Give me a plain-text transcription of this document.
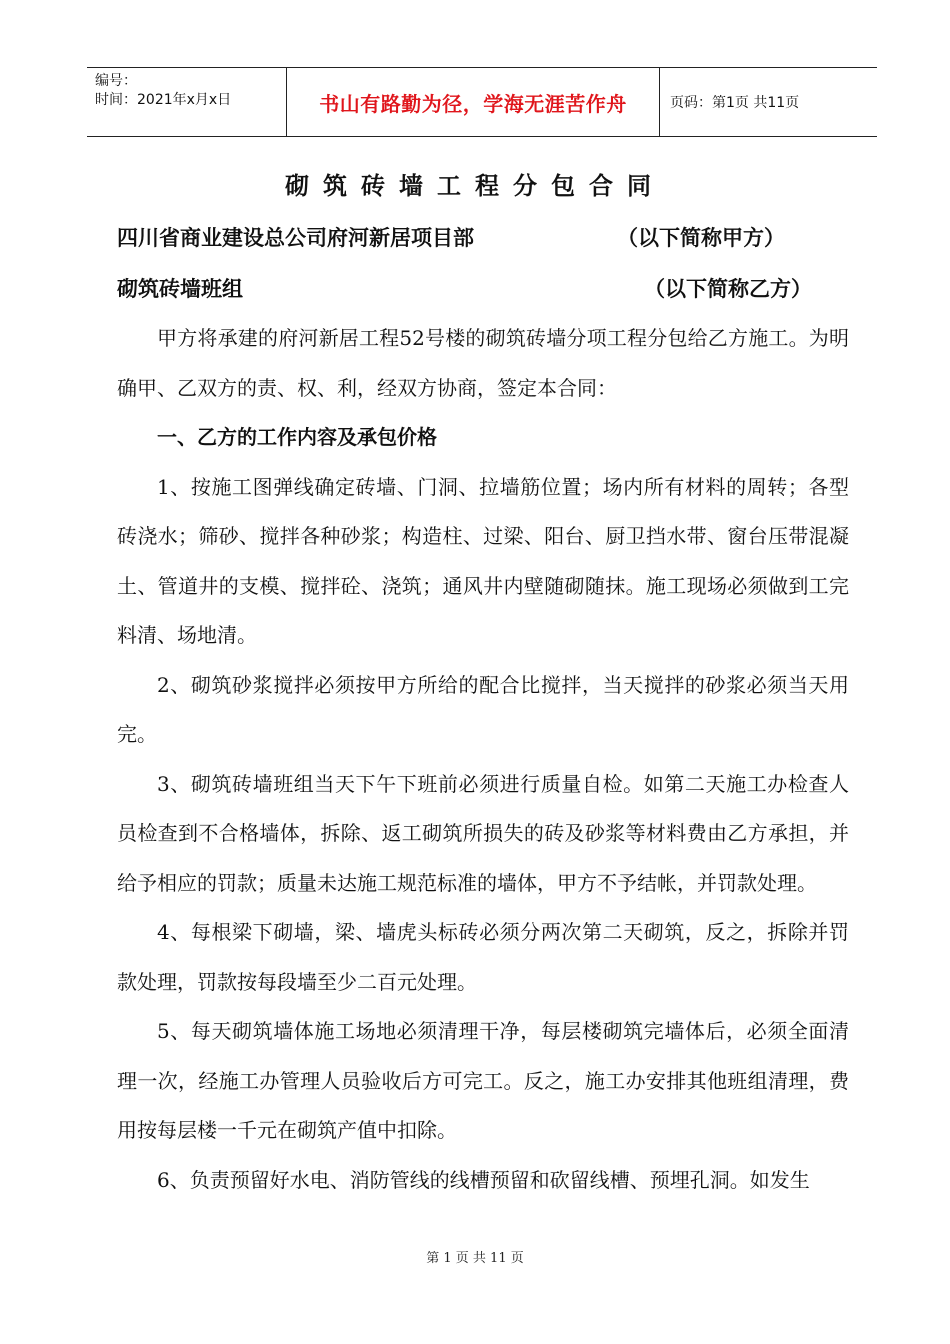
编号：
时间：2021年x月x日	书山有路勤为径，学海无涯苦作舟	页码：第1页 共11页
砌筑砖墙工程分包合同
四川省商业建设总公司府河新居项目部	（以下简称甲方）
砌筑砖墙班组	（以下简称乙方）

甲方将承建的府河新居工程52号楼的砌筑砖墙分项工程分包给乙方施工。为明确甲、乙双方的责、权、利，经双方协商，签定本合同：

一、乙方的工作内容及承包价格

1、按施工图弹线确定砖墙、门洞、拉墙筋位置；场内所有材料的周转；各型砖浇水；筛砂、搅拌各种砂浆；构造柱、过梁、阳台、厨卫挡水带、窗台压带混凝土、管道井的支模、搅拌砼、浇筑；通风井内壁随砌随抹。施工现场必须做到工完料清、场地清。

2、砌筑砂浆搅拌必须按甲方所给的配合比搅拌，当天搅拌的砂浆必须当天用完。

3、砌筑砖墙班组当天下午下班前必须进行质量自检。如第二天施工办检查人员检查到不合格墙体，拆除、返工砌筑所损失的砖及砂浆等材料费由乙方承担，并给予相应的罚款；质量未达施工规范标准的墙体，甲方不予结帐，并罚款处理。

4、每根梁下砌墙，梁、墙虎头标砖必须分两次第二天砌筑，反之，拆除并罚款处理，罚款按每段墙至少二百元处理。

5、每天砌筑墙体施工场地必须清理干净，每层楼砌筑完墙体后，必须全面清理一次，经施工办管理人员验收后方可完工。反之，施工办安排其他班组清理，费用按每层楼一千元在砌筑产值中扣除。

6、负责预留好水电、消防管线的线槽预留和砍留线槽、预埋孔洞。如发生

第 1 页 共 11 页
